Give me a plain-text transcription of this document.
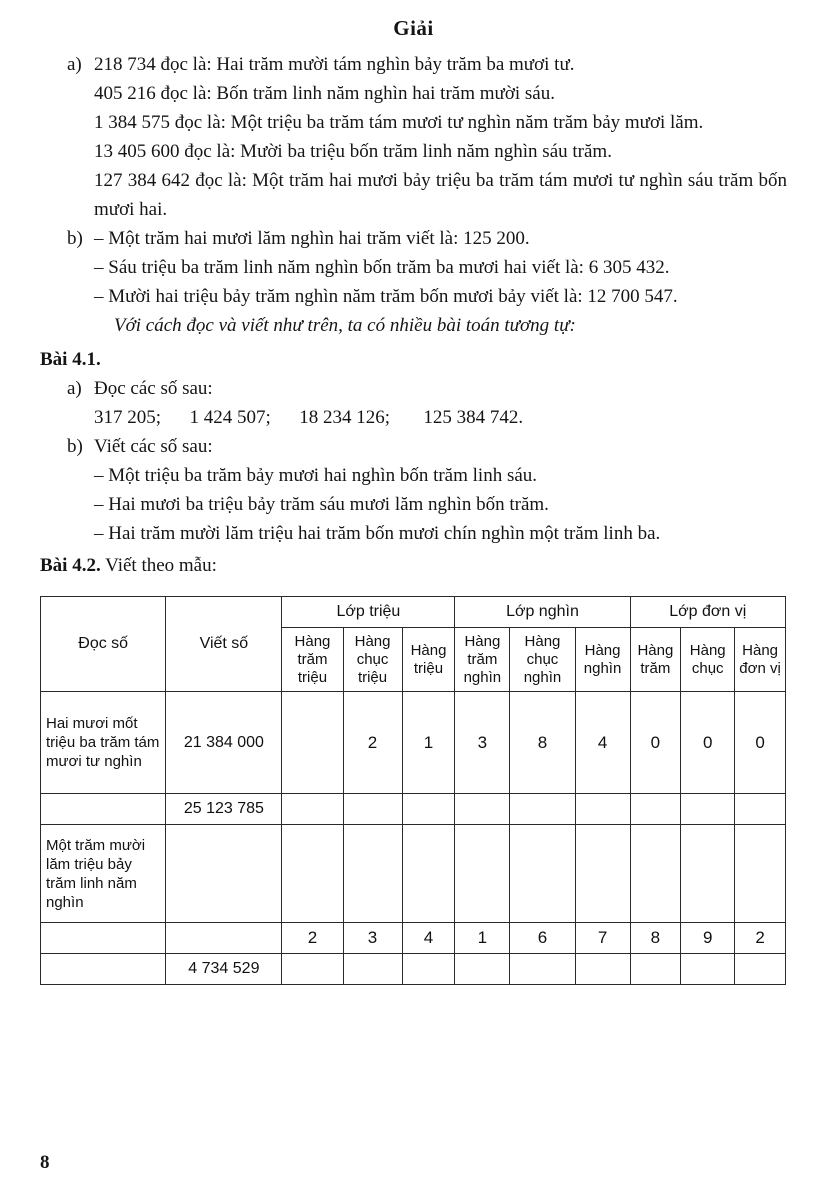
Giải
a) 218 734 đọc là: Hai trăm mười tám nghìn bảy trăm ba mươi tư.

405 216 đọc là: Bốn trăm linh năm nghìn hai trăm mười sáu.

1 384 575 đọc là: Một triệu ba trăm tám mươi tư nghìn năm trăm bảy mươi lăm.

13 405 600 đọc là: Mười ba triệu bốn trăm linh năm nghìn sáu trăm.

127 384 642 đọc là: Một trăm hai mươi bảy triệu ba trăm tám mươi tư nghìn sáu trăm bốn mươi hai.

b) – Một trăm hai mươi lăm nghìn hai trăm viết là: 125 200.

– Sáu triệu ba trăm linh năm nghìn bốn trăm ba mươi hai viết là: 6 305 432.

– Mười hai triệu bảy trăm nghìn năm trăm bốn mươi bảy viết là: 12 700 547.

Với cách đọc và viết như trên, ta có nhiều bài toán tương tự:

Bài 4.1.
a) Đọc các số sau:

317 205;      1 424 507;      18 234 126;       125 384 742.

b) Viết các số sau:

– Một triệu ba trăm bảy mươi hai nghìn bốn trăm linh sáu.

– Hai mươi ba triệu bảy trăm sáu mươi lăm nghìn bốn trăm.

– Hai trăm mười lăm triệu hai trăm bốn mươi chín nghìn một trăm linh ba.

Bài 4.2. Viết theo mẫu:

Đọc số	Viết số	Lớp triệu			Lớp nghìn			Lớp đơn vị		
		Hàng trăm triệu	Hàng chục triệu	Hàng triệu	Hàng trăm nghìn	Hàng chục nghìn	Hàng nghìn	Hàng trăm	Hàng chục	Hàng đơn vị
Hai mươi mốt triệu ba trăm tám mươi tư nghìn	21 384 000		2	1	3	8	4	0	0	0
	25 123 785									
Một trăm mười lăm triệu bảy trăm linh năm nghìn										
		2	3	4	1	6	7	8	9	2
	4 734 529									
8
